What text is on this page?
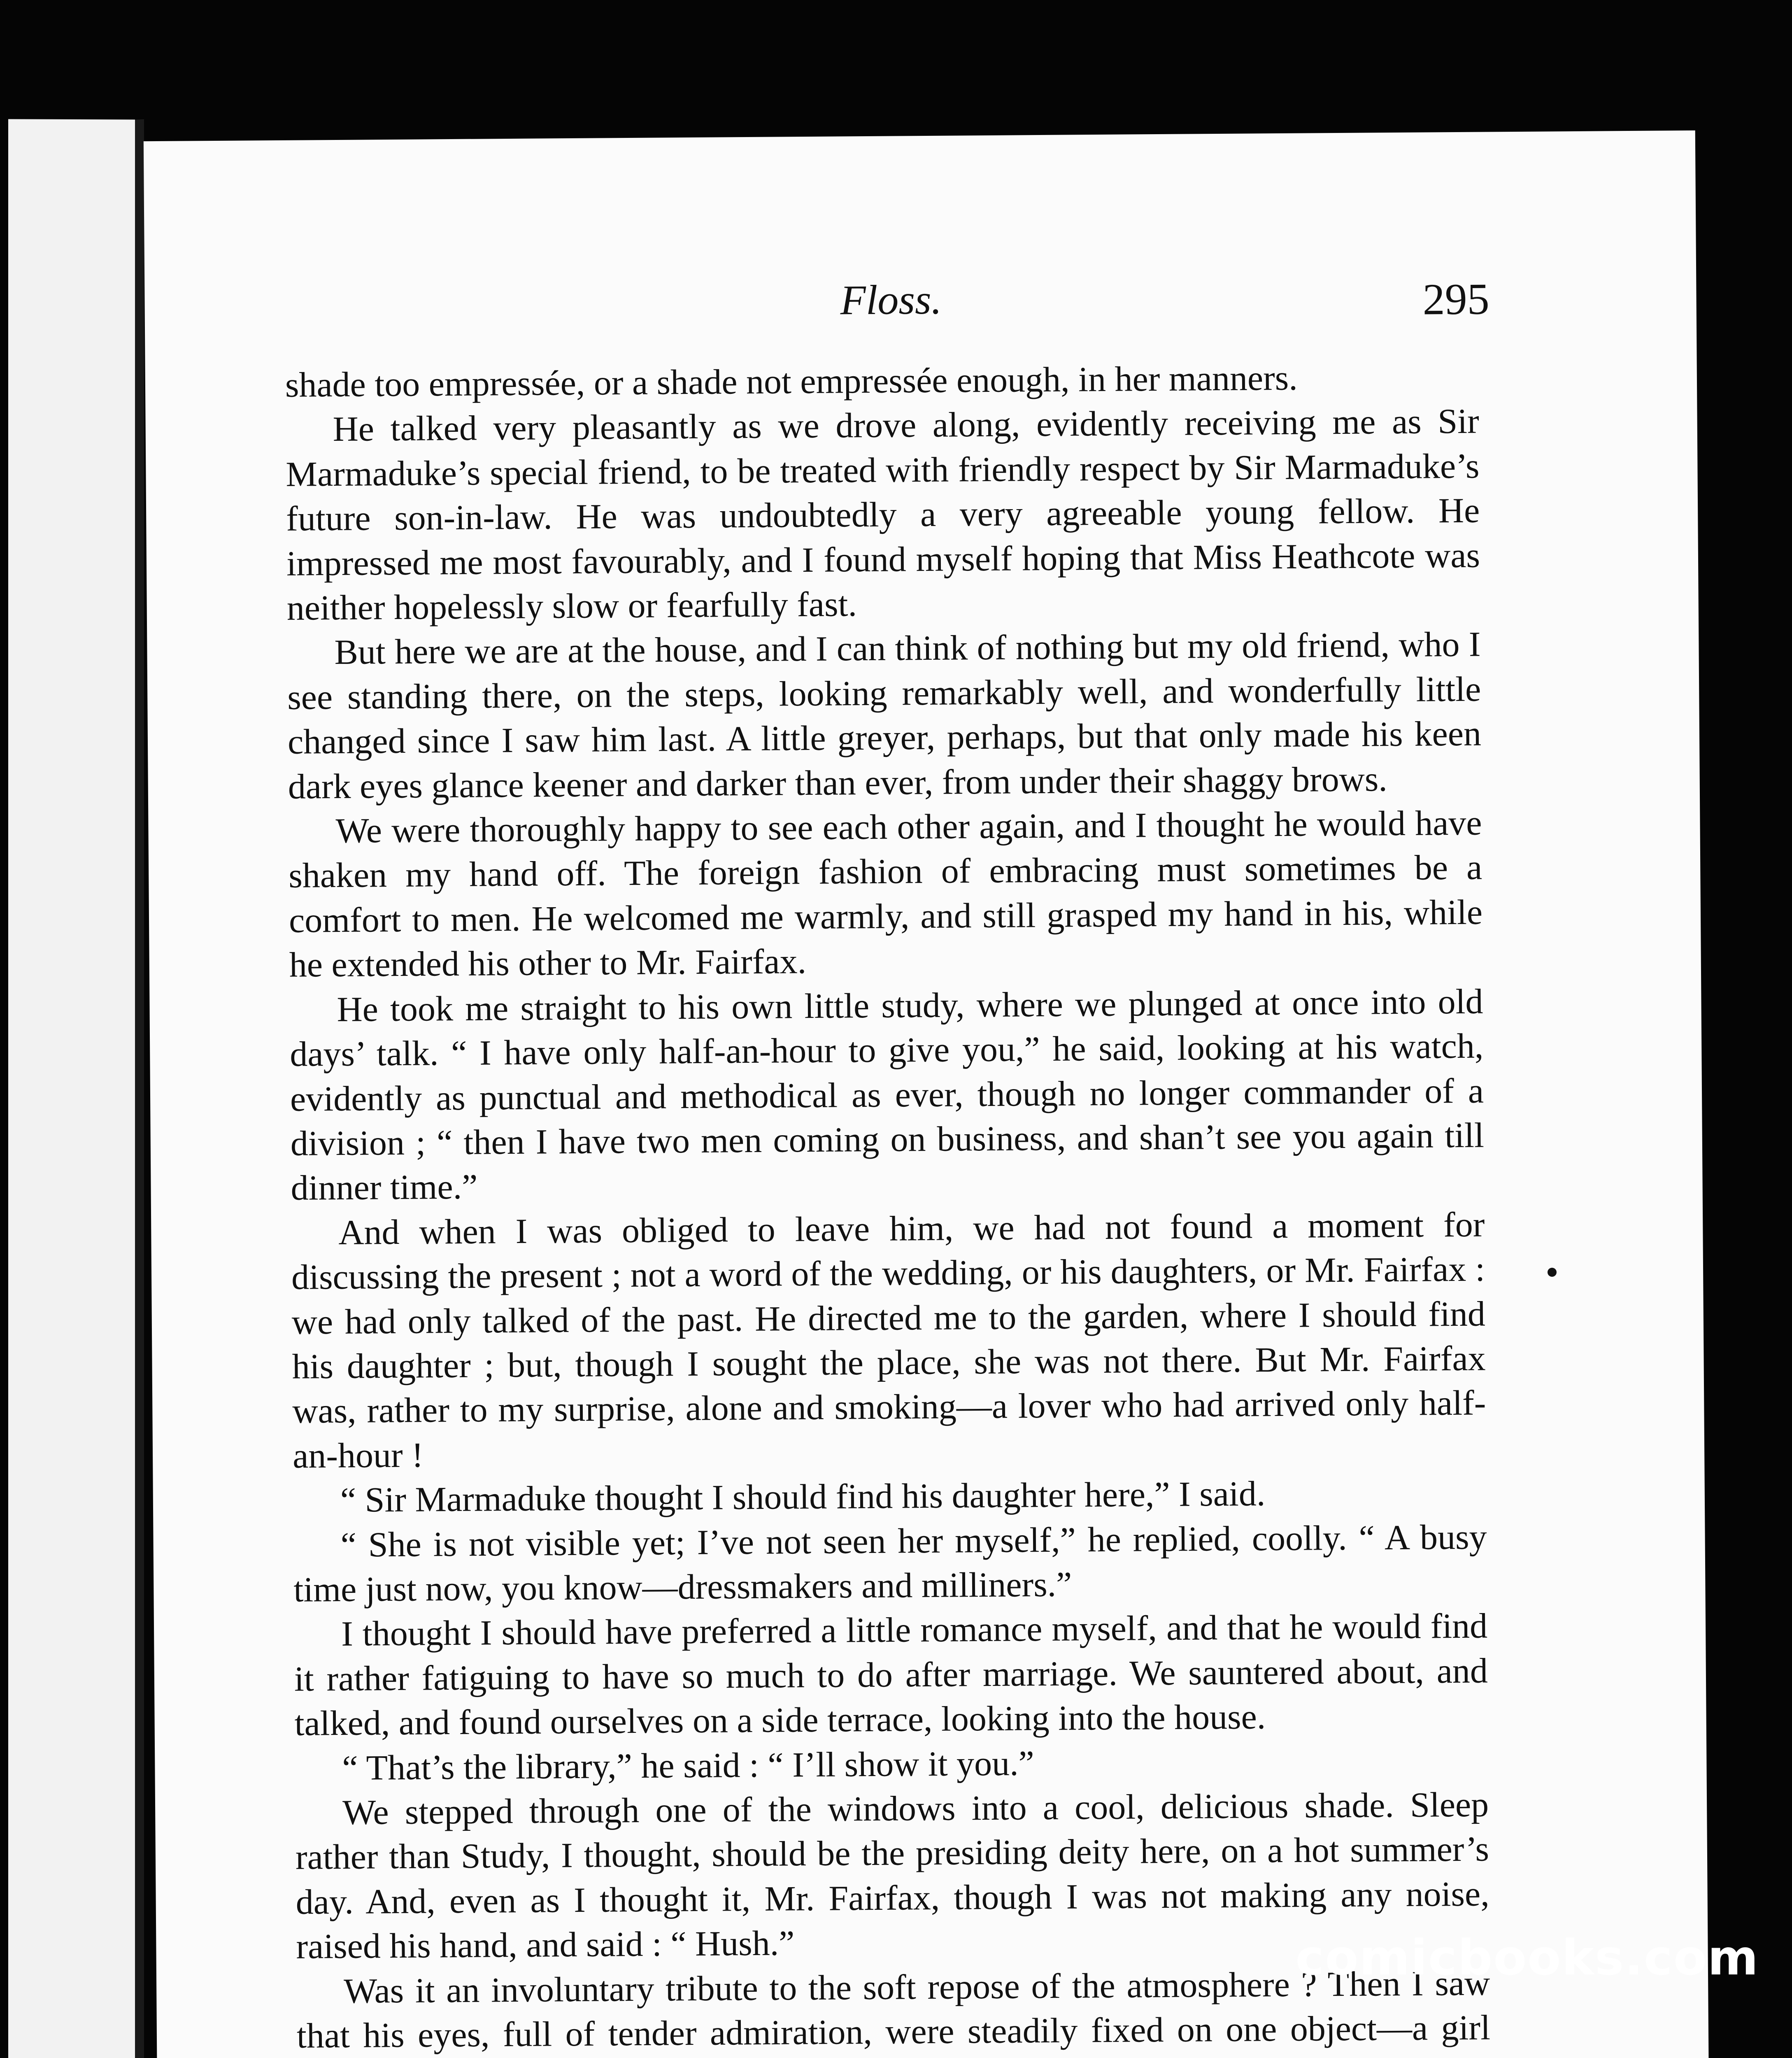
Floss.	295

shade too empressée, or a shade not empressée enough, in her manners.

He talked very pleasantly as we drove along, evidently receiving me as Sir Marmaduke’s special friend, to be treated with friendly respect by Sir Marmaduke’s future son-in-law. He was undoubtedly a very agreeable young fellow. He impressed me most favourably, and I found myself hoping that Miss Heathcote was neither hopelessly slow or fearfully fast.

But here we are at the house, and I can think of nothing but my old friend, who I see standing there, on the steps, looking remarkably well, and wonderfully little changed since I saw him last. A little greyer, perhaps, but that only made his keen dark eyes glance keener and darker than ever, from under their shaggy brows.

We were thoroughly happy to see each other again, and I thought he would have shaken my hand off. The foreign fashion of embracing must sometimes be a comfort to men. He welcomed me warmly, and still grasped my hand in his, while he extended his other to Mr. Fairfax.

He took me straight to his own little study, where we plunged at once into old days’ talk. “ I have only half-an-hour to give you,” he said, looking at his watch, evidently as punctual and methodical as ever, though no longer commander of a division ; “ then I have two men coming on business, and shan’t see you again till dinner time.”

And when I was obliged to leave him, we had not found a moment for discussing the present ; not a word of the wedding, or his daughters, or Mr. Fairfax : we had only talked of the past. He directed me to the garden, where I should find his daughter ; but, though I sought the place, she was not there. But Mr. Fairfax was, rather to my surprise, alone and smoking—a lover who had arrived only half-an-hour !

“ Sir Marmaduke thought I should find his daughter here,” I said.

“ She is not visible yet; I’ve not seen her myself,” he replied, coolly. “ A busy time just now, you know—dressmakers and milliners.”

I thought I should have preferred a little romance myself, and that he would find it rather fatiguing to have so much to do after marriage. We sauntered about, and talked, and found ourselves on a side terrace, looking into the house.

“ That’s the library,” he said : “ I’ll show it you.”

We stepped through one of the windows into a cool, delicious shade. Sleep rather than Study, I thought, should be the presiding deity here, on a hot summer’s day. And, even as I thought it, Mr. Fairfax, though I was not making any noise, raised his hand, and said : “ Hush.”

Was it an involuntary tribute to the soft repose of the atmosphere ? Then I saw that his eyes, full of tender admiration, were steadily fixed on one object—a girl

comicbooks.com
